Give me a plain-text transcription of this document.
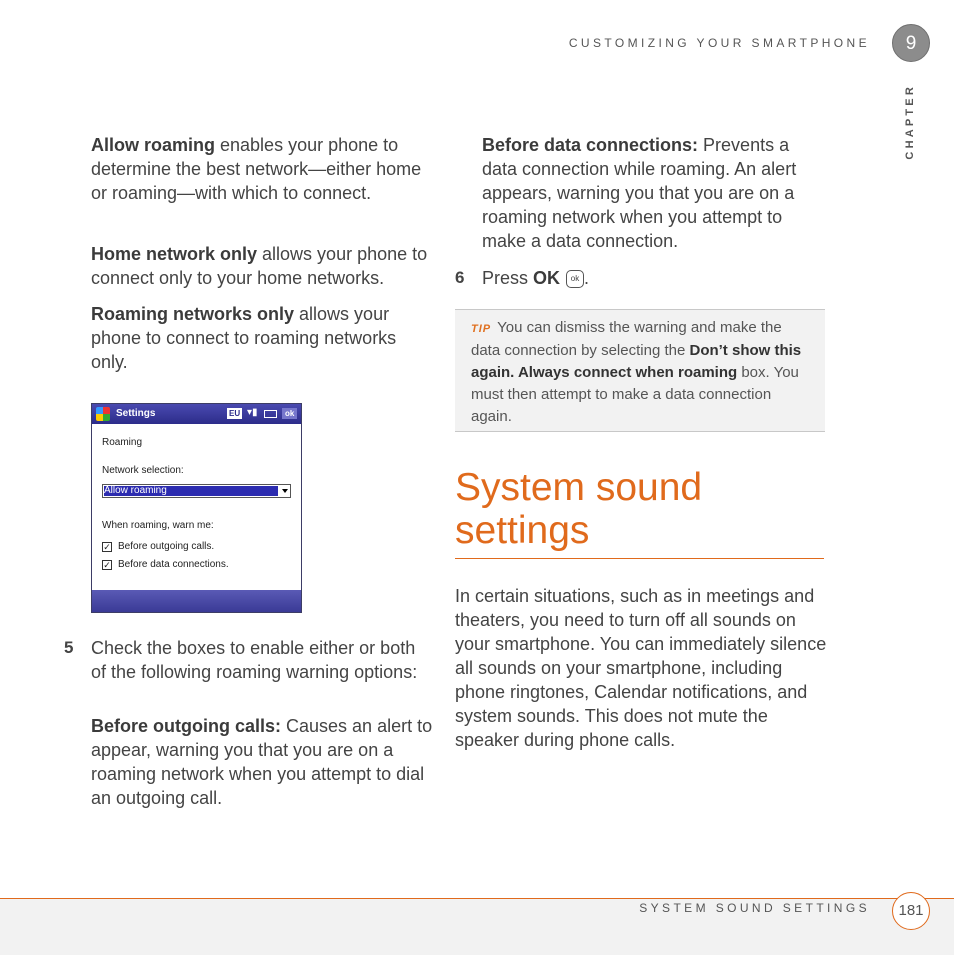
CUSTOMIZING YOUR SMARTPHONE	9
CHAPTER

Allow roaming enables your phone to determine the best network—either home or roaming—with which to connect.

Home network only allows your phone to connect only to your home networks.

Roaming networks only allows your phone to connect to roaming networks only.

Settings	EU ▾▮	ok
Roaming
Network selection:
Allow roaming
When roaming, warn me:
✓ Before outgoing calls.
✓ Before data connections.
5 Check the boxes to enable either or both of the following roaming warning options:

Before outgoing calls: Causes an alert to appear, warning you that you are on a roaming network when you attempt to dial an outgoing call.

Before data connections: Prevents a data connection while roaming. An alert appears, warning you that you are on a roaming network when you attempt to make a data connection.

6 Press OK ok .

TIP You can dismiss the warning and make the data connection by selecting the Don’t show this again. Always connect when roaming box. You must then attempt to make a data connection again.
System sound settings

In certain situations, such as in meetings and theaters, you need to turn off all sounds on your smartphone. You can immediately silence all sounds on your smartphone, including phone ringtones, Calendar notifications, and system sounds. This does not mute the speaker during phone calls.

SYSTEM SOUND SETTINGS	181
